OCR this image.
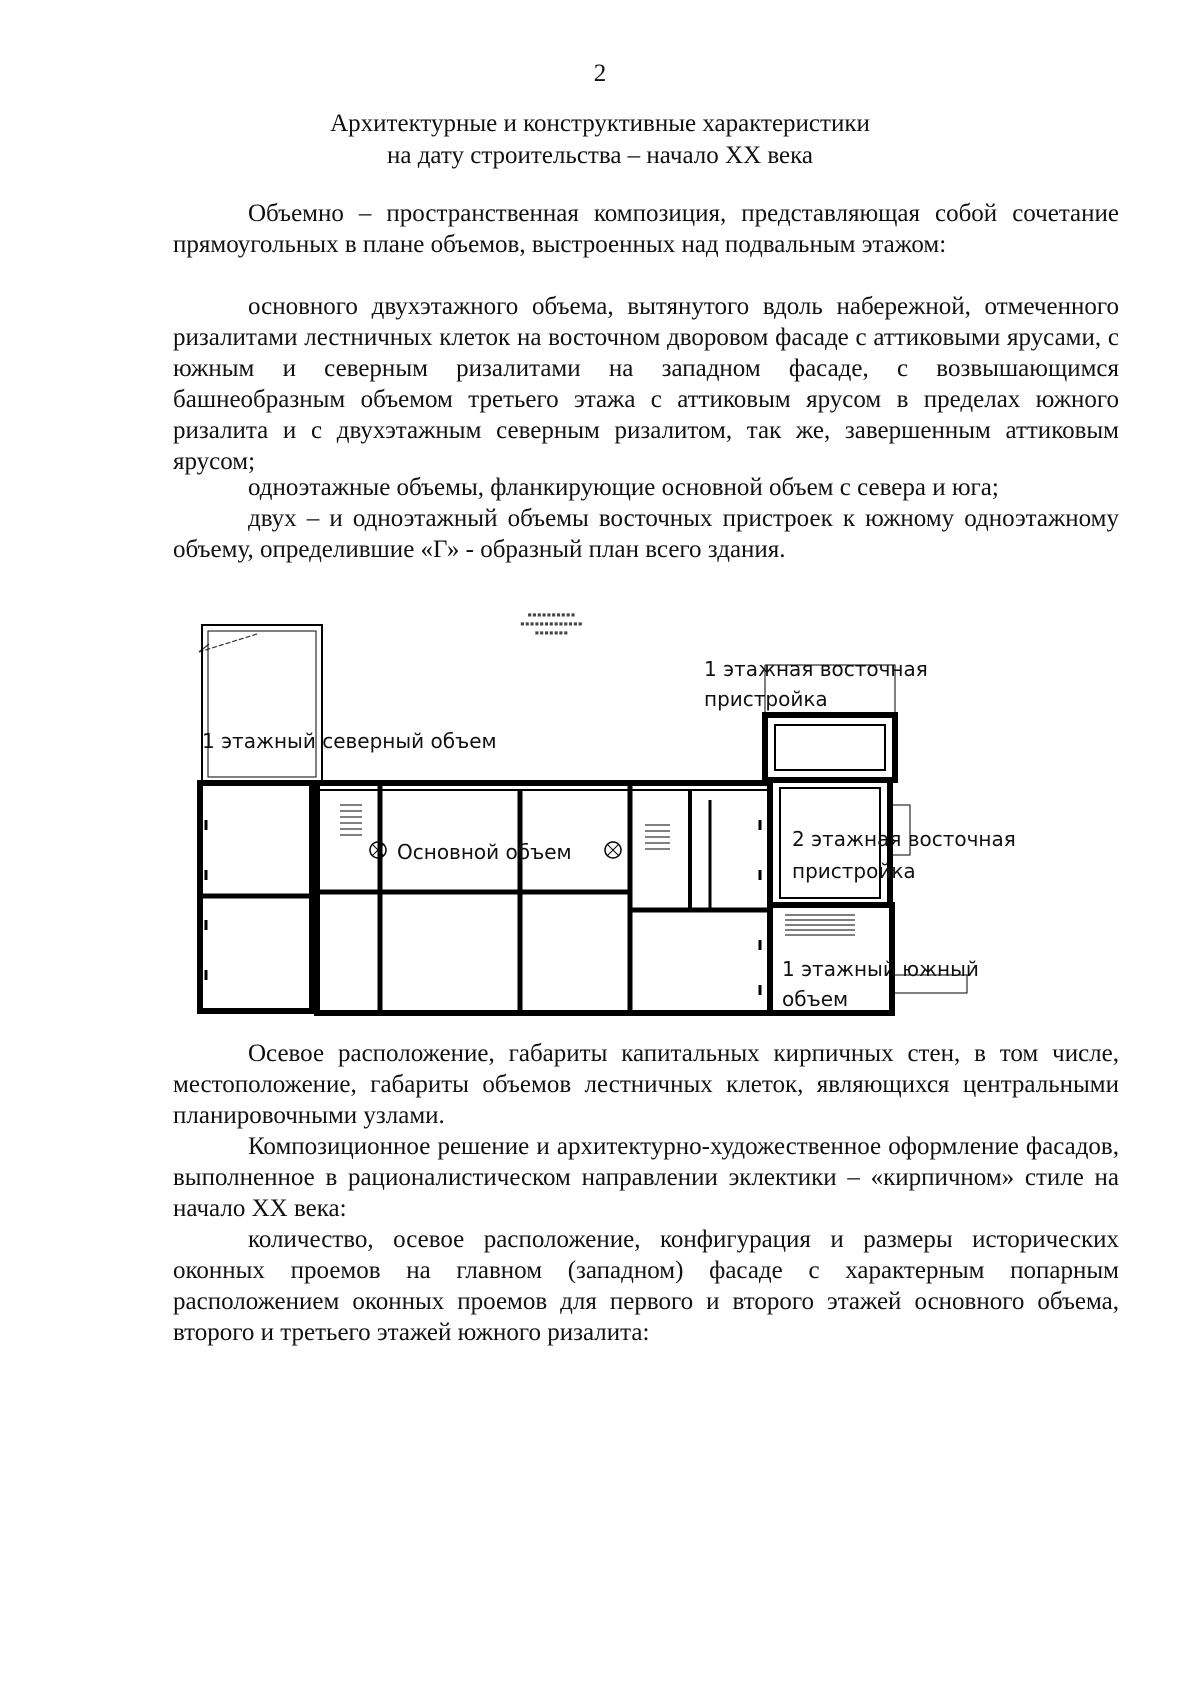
2
Архитектурные и конструктивные характеристики
на дату строительства – начало XX века

Объемно – пространственная композиция, представляющая собой сочетание прямоугольных в плане объемов, выстроенных над подвальным этажом:

основного двухэтажного объема, вытянутого вдоль набережной, отмеченного ризалитами лестничных клеток на восточном дворовом фасаде с аттиковыми ярусами, с южным и северным ризалитами на западном фасаде, с возвышающимся башнеобразным объемом третьего этажа с аттиковым ярусом в пределах южного ризалита и с двухэтажным северным ризалитом, так же, завершенным аттиковым ярусом;

одноэтажные объемы, фланкирующие основной объем с севера и юга;

двух – и одноэтажный объемы восточных пристроек к южному одноэтажному объему, определившие «Г» - образный план всего здания.

▪▪▪▪▪▪▪▪▪▪
▪▪▪▪▪▪▪▪▪▪▪▪▪
▪▪▪▪▪▪▪
1 этажный северный объем
Основной объем
1 этажная восточная
пристройка
2 этажная восточная
пристройка
1 этажный южный
объем

Осевое расположение, габариты капитальных кирпичных стен, в том числе, местоположение, габариты объемов лестничных клеток, являющихся центральными планировочными узлами.

Композиционное решение и архитектурно-художественное оформление фасадов, выполненное в рационалистическом направлении эклектики – «кирпичном» стиле на начало XX века:

количество, осевое расположение, конфигурация и размеры исторических оконных проемов на главном (западном) фасаде с характерным попарным расположением оконных проемов для первого и второго этажей основного объема, второго и третьего этажей южного ризалита:
